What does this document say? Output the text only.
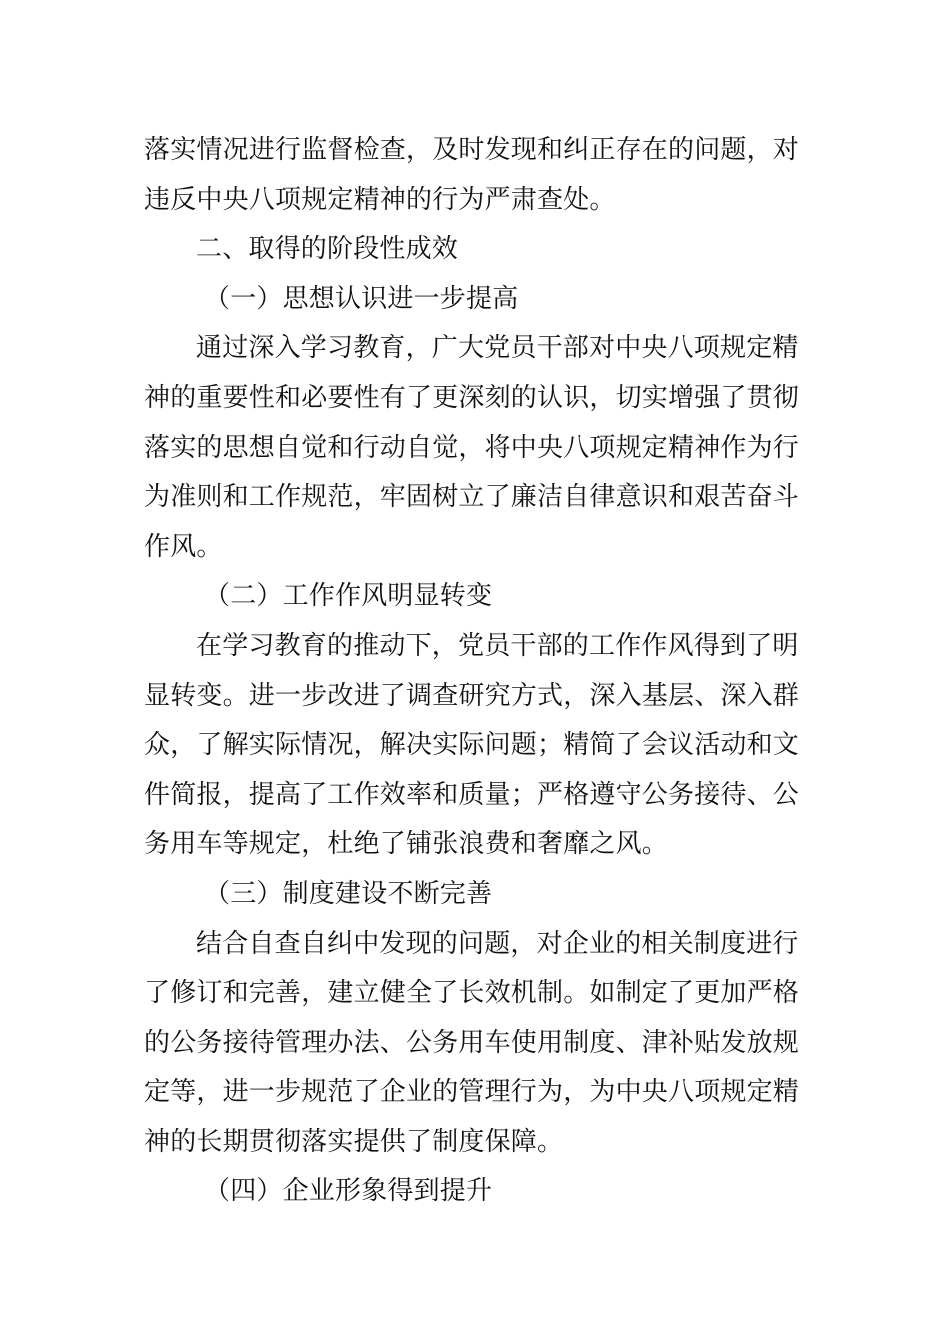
落实情况进行监督检查，及时发现和纠正存在的问题，对
违反中央八项规定精神的行为严肃查处。
二、取得的阶段性成效
（一）思想认识进一步提高
通过深入学习教育，广大党员干部对中央八项规定精
神的重要性和必要性有了更深刻的认识，切实增强了贯彻
落实的思想自觉和行动自觉，将中央八项规定精神作为行
为准则和工作规范，牢固树立了廉洁自律意识和艰苦奋斗
作风。
（二）工作作风明显转变
在学习教育的推动下，党员干部的工作作风得到了明
显转变。进一步改进了调查研究方式，深入基层、深入群
众，了解实际情况，解决实际问题；精简了会议活动和文
件简报，提高了工作效率和质量；严格遵守公务接待、公
务用车等规定，杜绝了铺张浪费和奢靡之风。
（三）制度建设不断完善
结合自查自纠中发现的问题，对企业的相关制度进行
了修订和完善，建立健全了长效机制。如制定了更加严格
的公务接待管理办法、公务用车使用制度、津补贴发放规
定等，进一步规范了企业的管理行为，为中央八项规定精
神的长期贯彻落实提供了制度保障。
（四）企业形象得到提升
